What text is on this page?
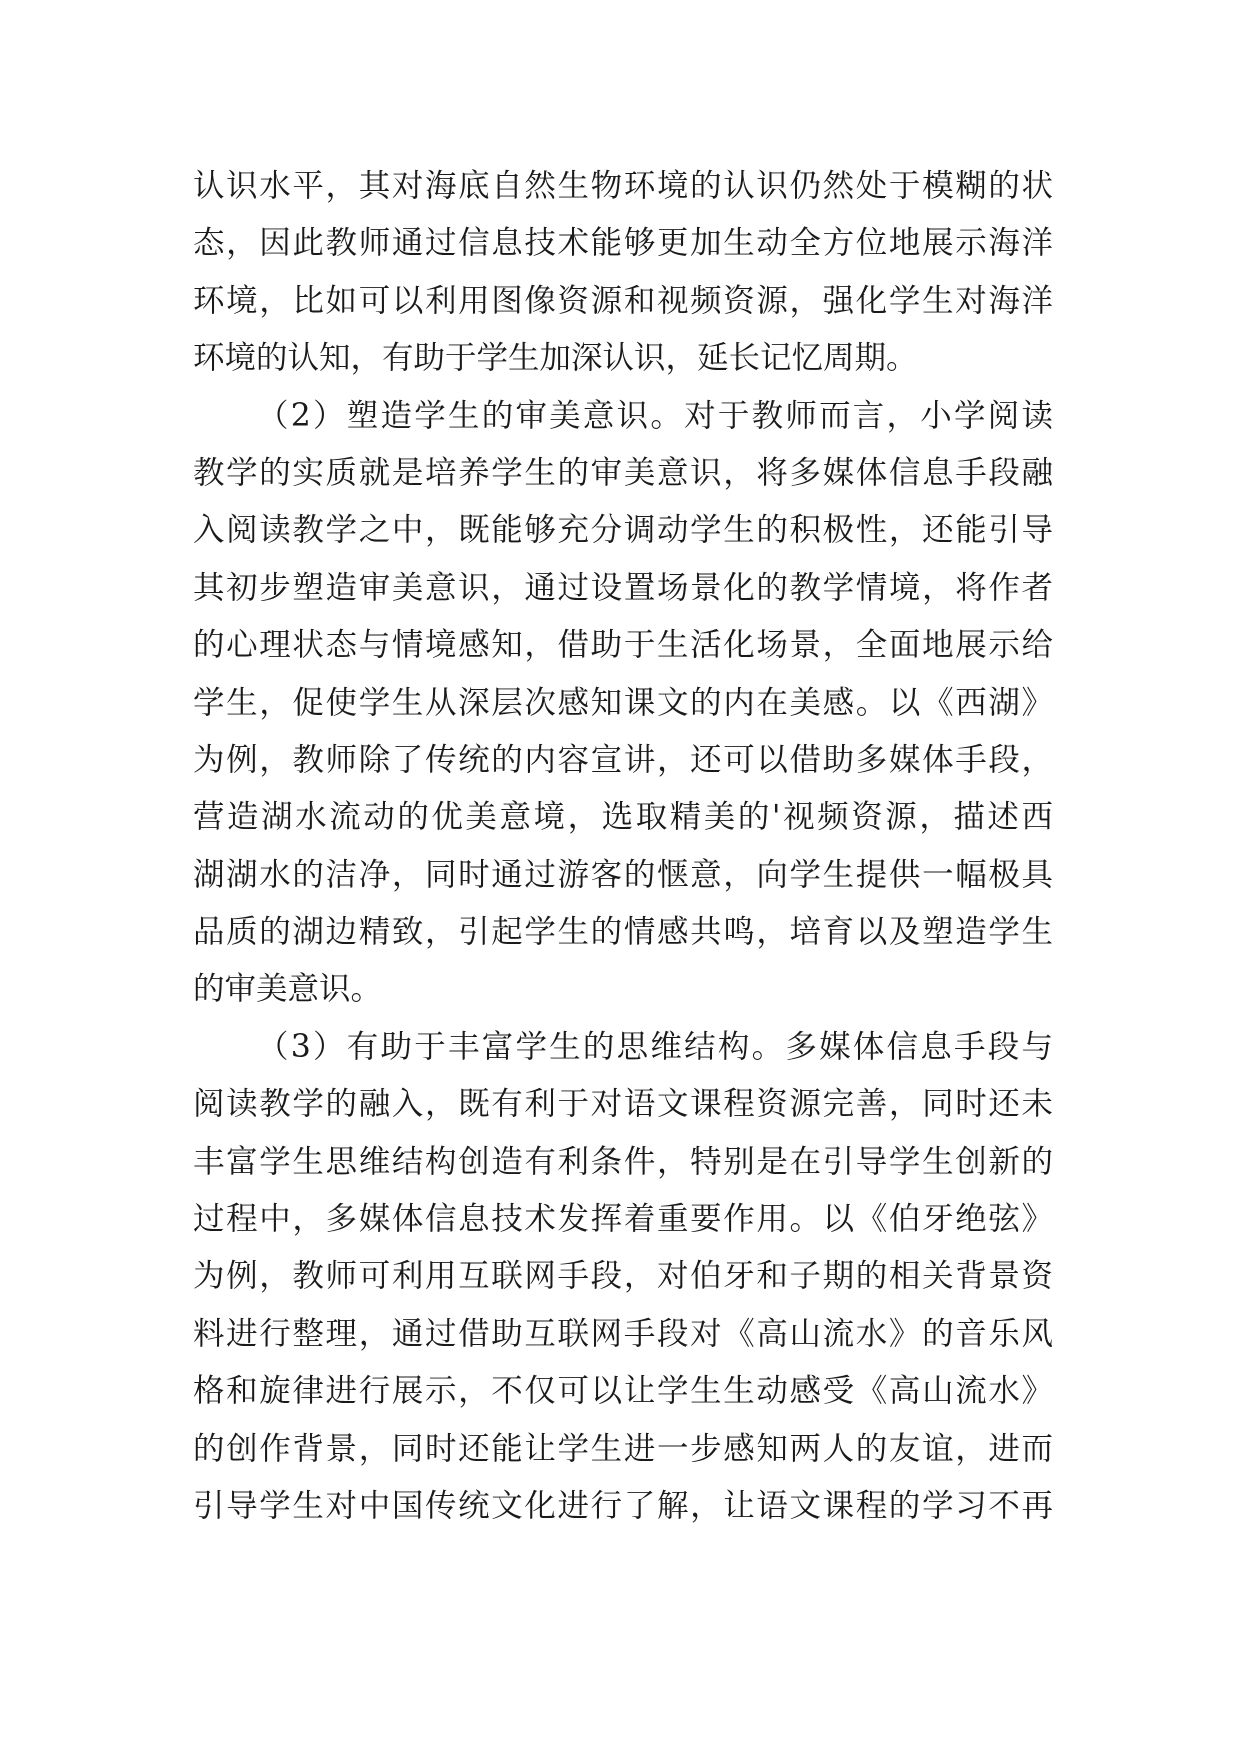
认识水平，其对海底自然生物环境的认识仍然处于模糊的状
态，因此教师通过信息技术能够更加生动全方位地展示海洋
环境，比如可以利用图像资源和视频资源，强化学生对海洋
环境的认知，有助于学生加深认识，延长记忆周期。
（2）塑造学生的审美意识。对于教师而言，小学阅读
教学的实质就是培养学生的审美意识，将多媒体信息手段融
入阅读教学之中，既能够充分调动学生的积极性，还能引导
其初步塑造审美意识，通过设置场景化的教学情境，将作者
的心理状态与情境感知，借助于生活化场景，全面地展示给
学生，促使学生从深层次感知课文的内在美感。以《西湖》
为例，教师除了传统的内容宣讲，还可以借助多媒体手段，
营造湖水流动的优美意境，选取精美的'视频资源，描述西
湖湖水的洁净，同时通过游客的惬意，向学生提供一幅极具
品质的湖边精致，引起学生的情感共鸣，培育以及塑造学生
的审美意识。
（3）有助于丰富学生的思维结构。多媒体信息手段与
阅读教学的融入，既有利于对语文课程资源完善，同时还未
丰富学生思维结构创造有利条件，特别是在引导学生创新的
过程中，多媒体信息技术发挥着重要作用。以《伯牙绝弦》
为例，教师可利用互联网手段，对伯牙和子期的相关背景资
料进行整理，通过借助互联网手段对《高山流水》的音乐风
格和旋律进行展示，不仅可以让学生生动感受《高山流水》
的创作背景，同时还能让学生进一步感知两人的友谊，进而
引导学生对中国传统文化进行了解，让语文课程的学习不再
